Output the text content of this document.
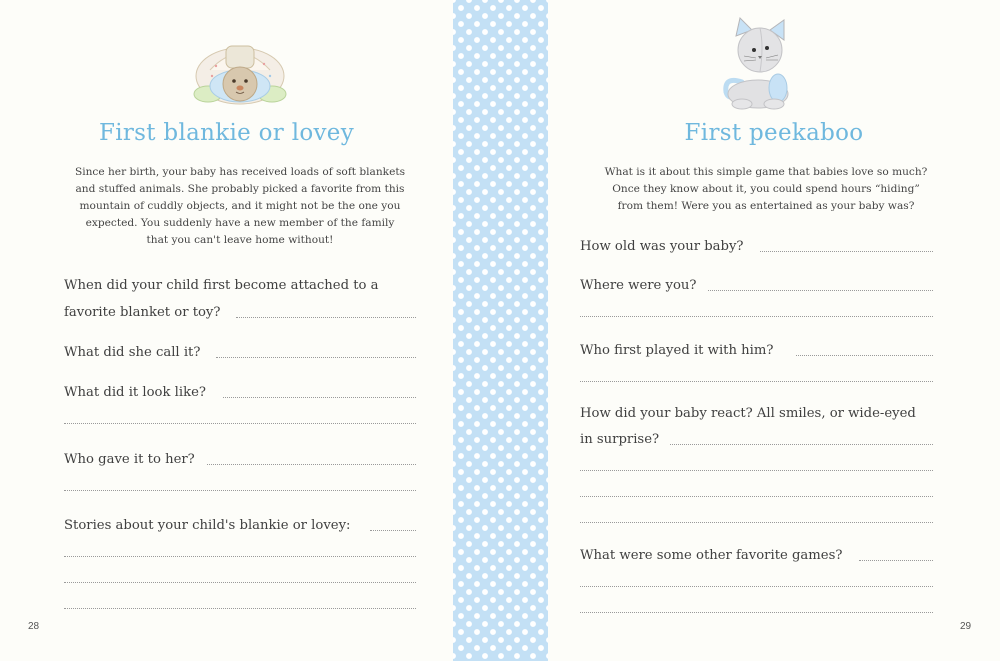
First blankie or lovey
Since her birth, your baby has received loads of soft blankets
and stuffed animals. She probably picked a favorite from this
mountain of cuddly objects, and it might not be the one you
expected. You suddenly have a new member of the family
that you can't leave home without!
When did your child first become attached to a
favorite blanket or toy?
What did she call it?
What did it look like?
Who gave it to her?
Stories about your child's blankie or lovey:
28
First peekaboo
What is it about this simple game that babies love so much?
Once they know about it, you could spend hours “hiding”
from them! Were you as entertained as your baby was?
How old was your baby?
Where were you?
Who first played it with him?
How did your baby react? All smiles, or wide-eyed
in surprise?
What were some other favorite games?
29
